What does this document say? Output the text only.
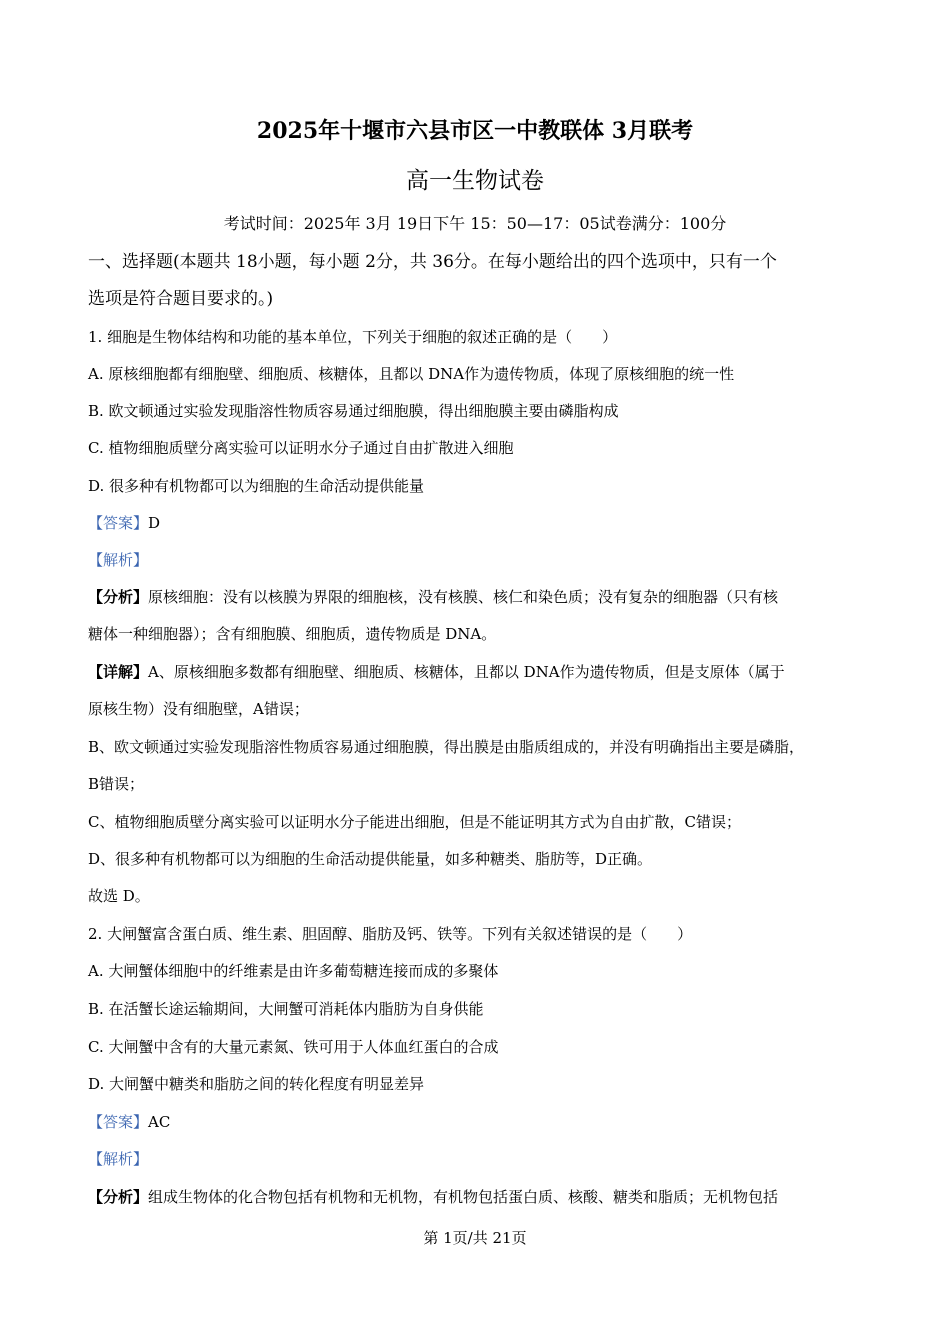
2025年十堰市六县市区一中教联体 3月联考
高一生物试卷
考试时间：2025年 3月 19日下午 15：50—17：05试卷满分：100分
一、选择题(本题共 18小题，每小题 2分，共 36分。在每小题给出的四个选项中，只有一个
选项是符合题目要求的。)
1. 细胞是生物体结构和功能的基本单位，下列关于细胞的叙述正确的是（　　）
A. 原核细胞都有细胞壁、细胞质、核糖体，且都以 DNA作为遗传物质，体现了原核细胞的统一性
B. 欧文顿通过实验发现脂溶性物质容易通过细胞膜，得出细胞膜主要由磷脂构成
C. 植物细胞质壁分离实验可以证明水分子通过自由扩散进入细胞
D. 很多种有机物都可以为细胞的生命活动提供能量
【答案】D
【解析】
【分析】原核细胞：没有以核膜为界限的细胞核，没有核膜、核仁和染色质；没有复杂的细胞器（只有核
糖体一种细胞器）；含有细胞膜、细胞质，遗传物质是 DNA。
【详解】A、原核细胞多数都有细胞壁、细胞质、核糖体，且都以 DNA作为遗传物质，但是支原体（属于
原核生物）没有细胞壁，A错误；
B、欧文顿通过实验发现脂溶性物质容易通过细胞膜，得出膜是由脂质组成的，并没有明确指出主要是磷脂，
B错误；
C、植物细胞质壁分离实验可以证明水分子能进出细胞，但是不能证明其方式为自由扩散，C错误；
D、很多种有机物都可以为细胞的生命活动提供能量，如多种糖类、脂肪等，D正确。
故选 D。
2. 大闸蟹富含蛋白质、维生素、胆固醇、脂肪及钙、铁等。下列有关叙述错误的是（　　）
A. 大闸蟹体细胞中的纤维素是由许多葡萄糖连接而成的多聚体
B. 在活蟹长途运输期间，大闸蟹可消耗体内脂肪为自身供能
C. 大闸蟹中含有的大量元素氮、铁可用于人体血红蛋白的合成
D. 大闸蟹中糖类和脂肪之间的转化程度有明显差异
【答案】AC
【解析】
【分析】组成生物体的化合物包括有机物和无机物，有机物包括蛋白质、核酸、糖类和脂质；无机物包括
第 1页/共 21页
